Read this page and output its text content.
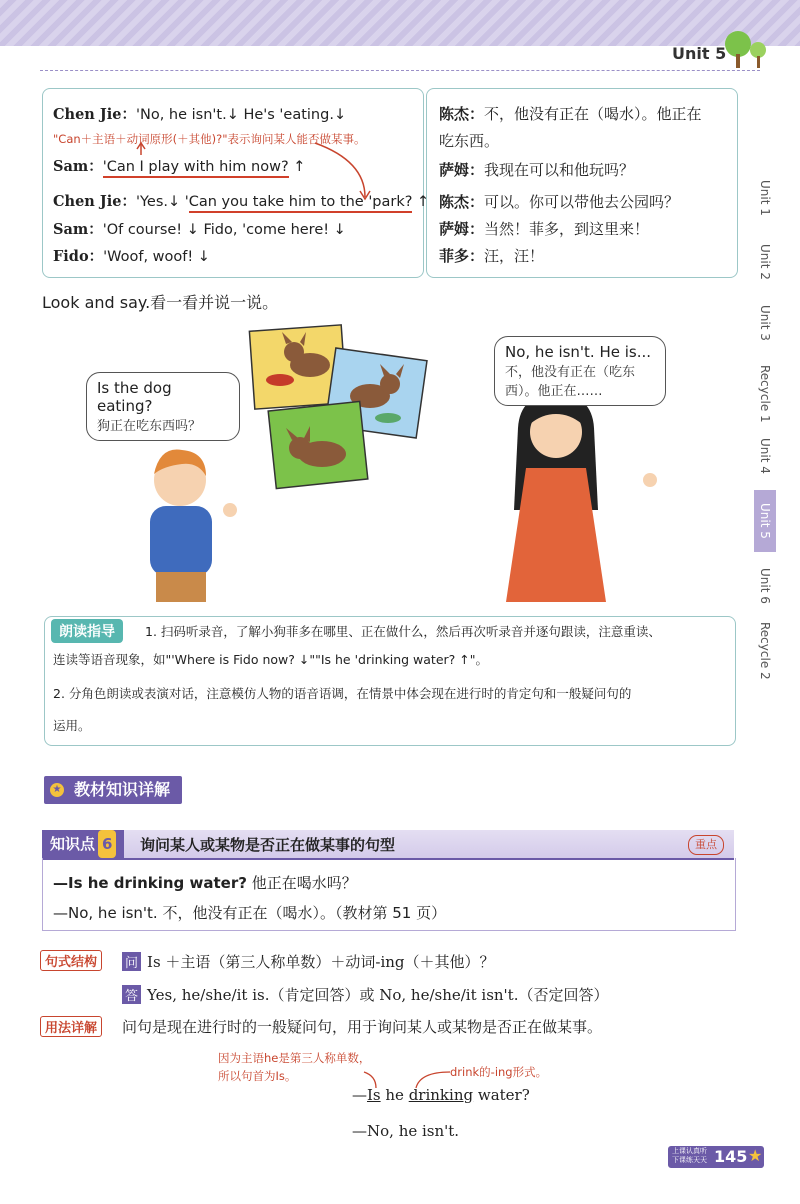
Unit 5
Chen Jie：'No, he isn't.↓ He's 'eating.↓
"Can＋主语＋动词原形(＋其他)?"表示询问某人能否做某事。
Sam：'Can I play with him now? ↑
Chen Jie：'Yes.↓ 'Can you take him to the 'park? ↑
Sam：'Of course! ↓ Fido, 'come here! ↓
Fido：'Woof, woof! ↓
陈杰：不，他没有正在（喝水）。他正在
吃东西。
萨姆：我现在可以和他玩吗？
陈杰：可以。你可以带他去公园吗？
萨姆：当然！菲多，到这里来！
菲多：汪，汪！
Unit 1
Unit 2
Unit 3
Recycle 1
Unit 4
Unit 5
Unit 6
Recycle 2
Look and say.看一看并说一说。
Is the dog eating?
狗正在吃东西吗？
No, he isn't. He is...
不，他没有正在（吃东
西）。他正在……
朗读指导	1. 扫码听录音，了解小狗菲多在哪里、正在做什么，然后再次听录音并逐句跟读，注意重读、
连读等语音现象，如"'Where is Fido now? ↓""Is he 'drinking water? ↑"。
2. 分角色朗读或表演对话，注意模仿人物的语音语调，在情景中体会现在进行时的肯定句和一般疑问句的
运用。
教材知识详解
★
知识点 6	询问某人或某物是否正在做某事的句型	重点
—Is he drinking water? 他正在喝水吗？
—No, he isn't. 不，他没有正在（喝水）。（教材第 51 页）
句式结构	问 Is ＋主语（第三人称单数）＋动词-ing（＋其他）？
答 Yes, he/she/it is.（肯定回答）或 No, he/she/it isn't.（否定回答）
用法详解	问句是现在进行时的一般疑问句，用于询问某人或某物是否正在做某事。
因为主语he是第三人称单数，
所以句首为Is。	drink的-ing形式。
—Is he drinking water?
—No, he isn't.
上课认真听
下课练天天 145 ★
